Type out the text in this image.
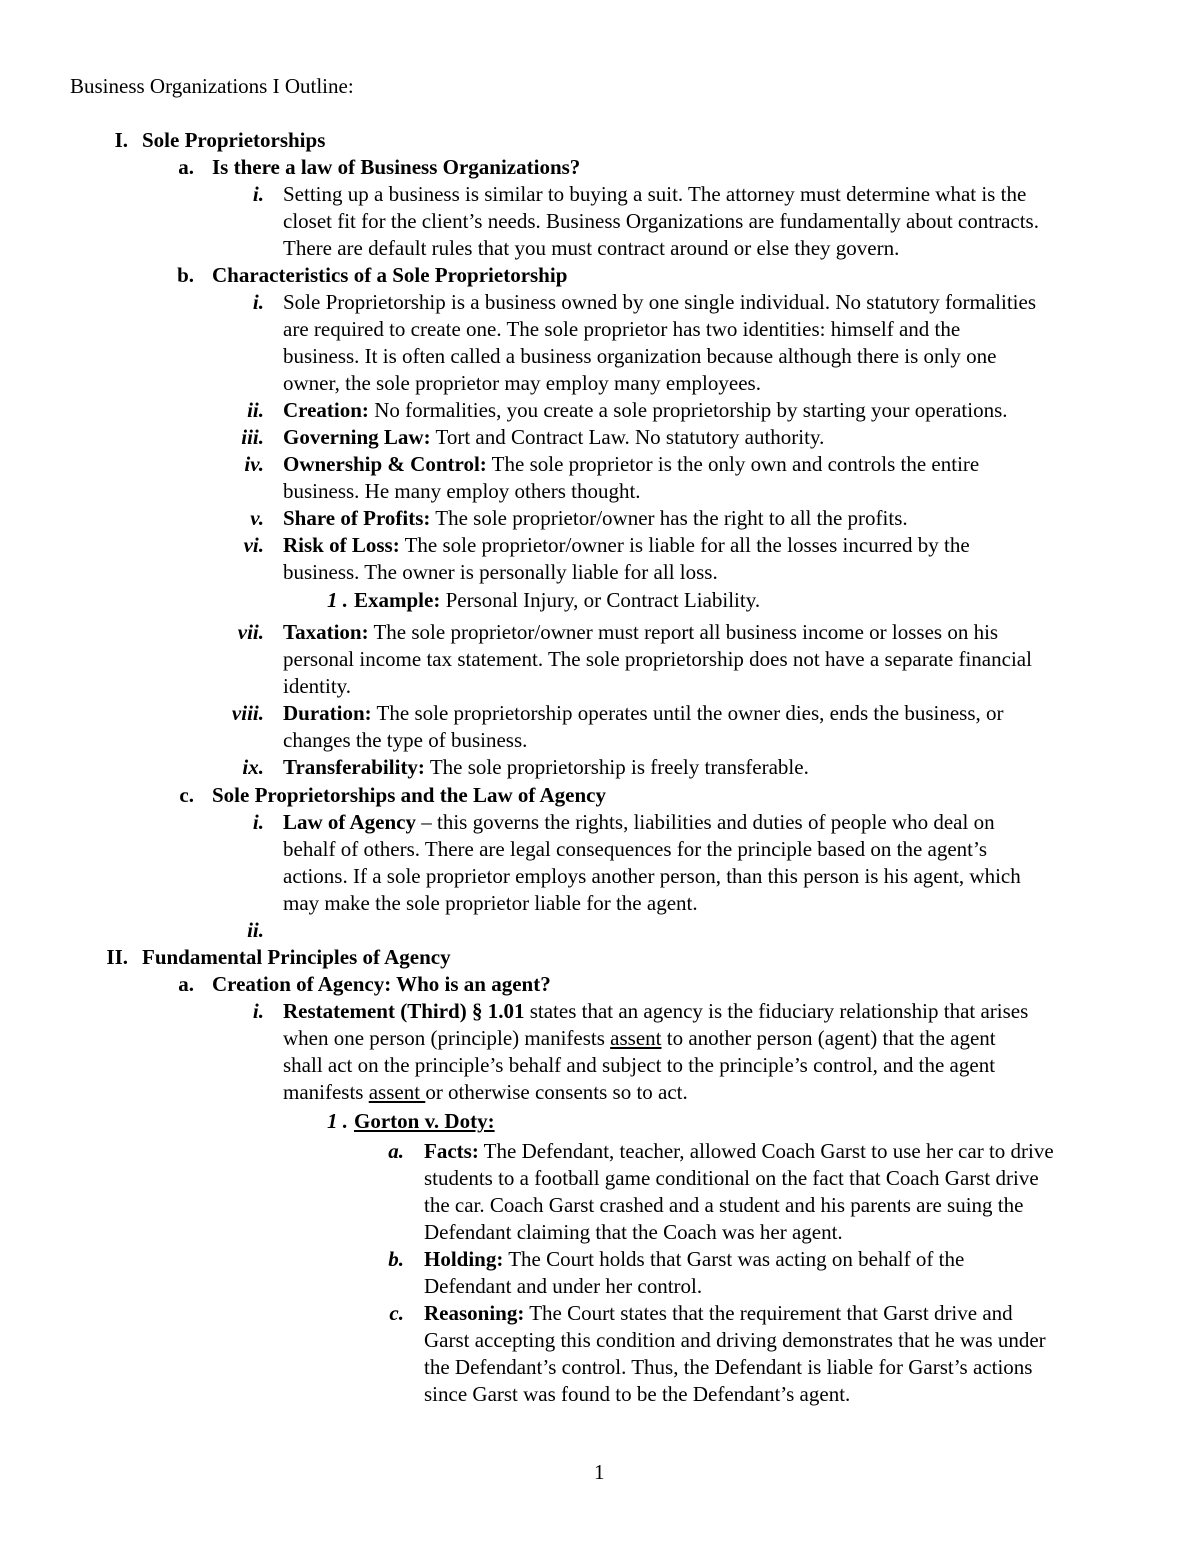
Business Organizations I Outline:
I. Sole Proprietorships
a. Is there a law of Business Organizations?
i. Setting up a business is similar to buying a suit. The attorney must determine what is the
closet fit for the client’s needs. Business Organizations are fundamentally about contracts.
There are default rules that you must contract around or else they govern.
b. Characteristics of a Sole Proprietorship
i. Sole Proprietorship is a business owned by one single individual. No statutory formalities
are required to create one. The sole proprietor has two identities: himself and the
business. It is often called a business organization because although there is only one
owner, the sole proprietor may employ many employees.
ii. Creation: No formalities, you create a sole proprietorship by starting your operations.
iii. Governing Law: Tort and Contract Law. No statutory authority.
iv. Ownership & Control: The sole proprietor is the only own and controls the entire
business. He many employ others thought.
v. Share of Profits: The sole proprietor/owner has the right to all the profits.
vi. Risk of Loss: The sole proprietor/owner is liable for all the losses incurred by the
business. The owner is personally liable for all loss.
1 . Example: Personal Injury, or Contract Liability.
vii. Taxation: The sole proprietor/owner must report all business income or losses on his
personal income tax statement. The sole proprietorship does not have a separate financial
identity.
viii. Duration: The sole proprietorship operates until the owner dies, ends the business, or
changes the type of business.
ix. Transferability: The sole proprietorship is freely transferable.
c. Sole Proprietorships and the Law of Agency
i. Law of Agency – this governs the rights, liabilities and duties of people who deal on
behalf of others. There are legal consequences for the principle based on the agent’s
actions. If a sole proprietor employs another person, than this person is his agent, which
may make the sole proprietor liable for the agent.
ii.
II. Fundamental Principles of Agency
a. Creation of Agency: Who is an agent?
i. Restatement (Third) § 1.01 states that an agency is the fiduciary relationship that arises
when one person (principle) manifests assent to another person (agent) that the agent
shall act on the principle’s behalf and subject to the principle’s control, and the agent
manifests assent or otherwise consents so to act.
1 . Gorton v. Doty:
a. Facts: The Defendant, teacher, allowed Coach Garst to use her car to drive
students to a football game conditional on the fact that Coach Garst drive
the car. Coach Garst crashed and a student and his parents are suing the
Defendant claiming that the Coach was her agent.
b. Holding: The Court holds that Garst was acting on behalf of the
Defendant and under her control.
c. Reasoning: The Court states that the requirement that Garst drive and
Garst accepting this condition and driving demonstrates that he was under
the Defendant’s control. Thus, the Defendant is liable for Garst’s actions
since Garst was found to be the Defendant’s agent.
1
